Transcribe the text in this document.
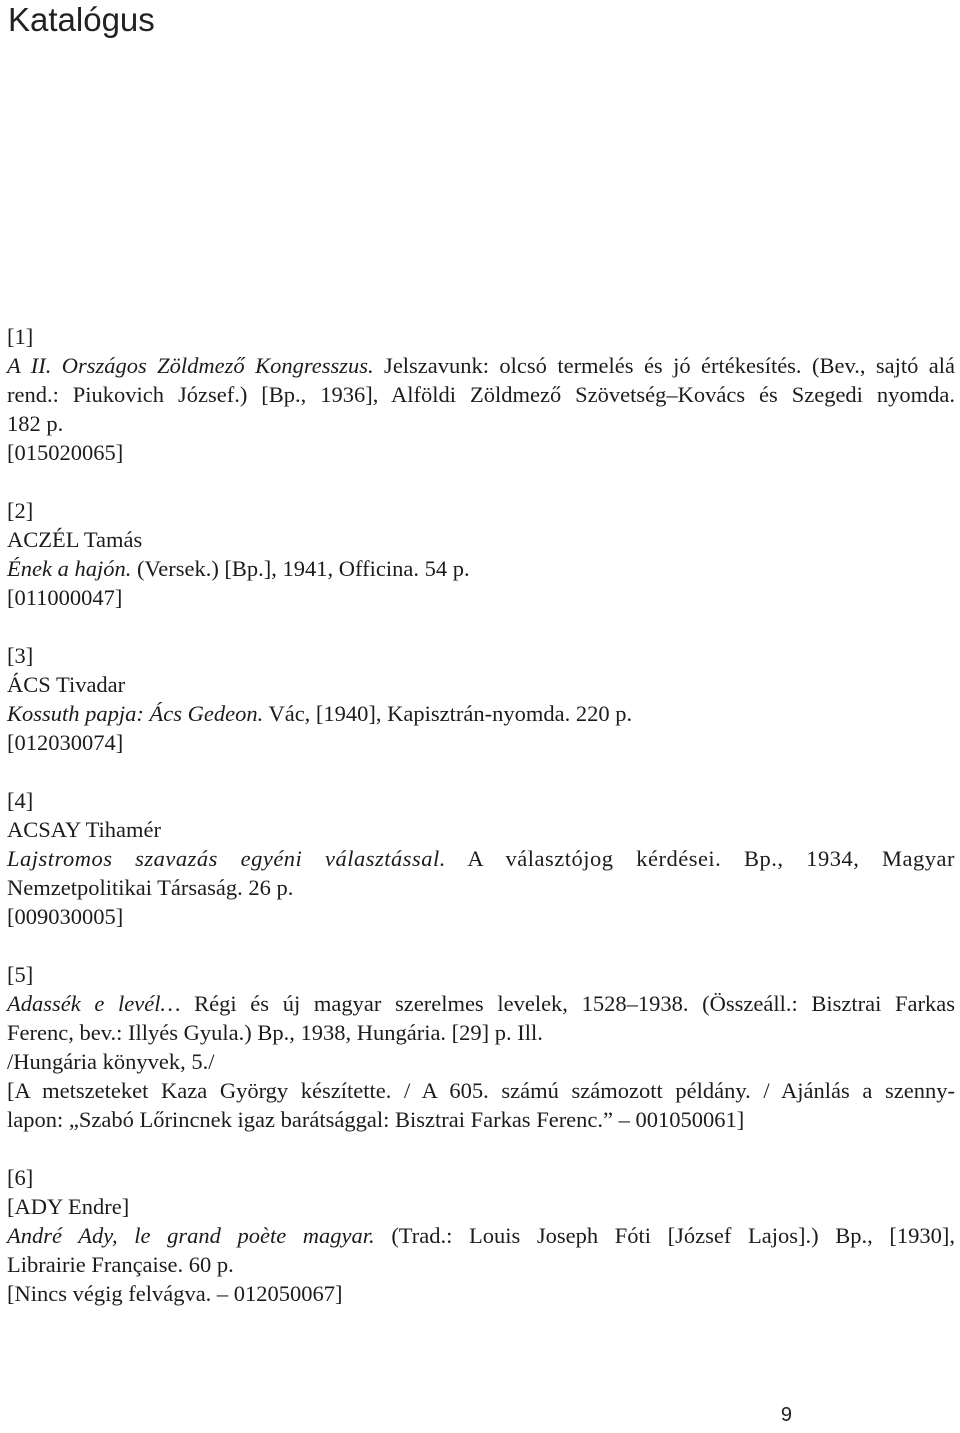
Katalógus
[1]
A II. Országos Zöldmező Kongresszus. Jelszavunk: olcsó termelés és jó értékesítés. (Bev., sajtó alá
rend.: Piukovich József.) [Bp., 1936], Alföldi Zöldmező Szövetség–Kovács és Szegedi nyomda.
182 p.
[015020065]
[2]
ACZÉL Tamás
Ének a hajón. (Versek.) [Bp.], 1941, Officina. 54 p.
[011000047]
[3]
ÁCS Tivadar
Kossuth papja: Ács Gedeon. Vác, [1940], Kapisztrán-nyomda. 220 p.
[012030074]
[4]
ACSAY Tihamér
Lajstromos szavazás egyéni választással. A választójog kérdései. Bp., 1934, Magyar
Nemzetpolitikai Társaság. 26 p.
[009030005]
[5]
Adassék e levél… Régi és új magyar szerelmes levelek, 1528–1938. (Összeáll.: Bisztrai Farkas
Ferenc, bev.: Illyés Gyula.) Bp., 1938, Hungária. [29] p. Ill.
/Hungária könyvek, 5./
[A metszeteket Kaza György készítette. / A 605. számú számozott példány. / Ajánlás a szenny-
lapon: „Szabó Lőrincnek igaz barátsággal: Bisztrai Farkas Ferenc.” – 001050061]
[6]
[ADY Endre]
André Ady, le grand poète magyar. (Trad.: Louis Joseph Fóti [József Lajos].) Bp., [1930],
Librairie Française. 60 p.
[Nincs végig felvágva. – 012050067]
9
